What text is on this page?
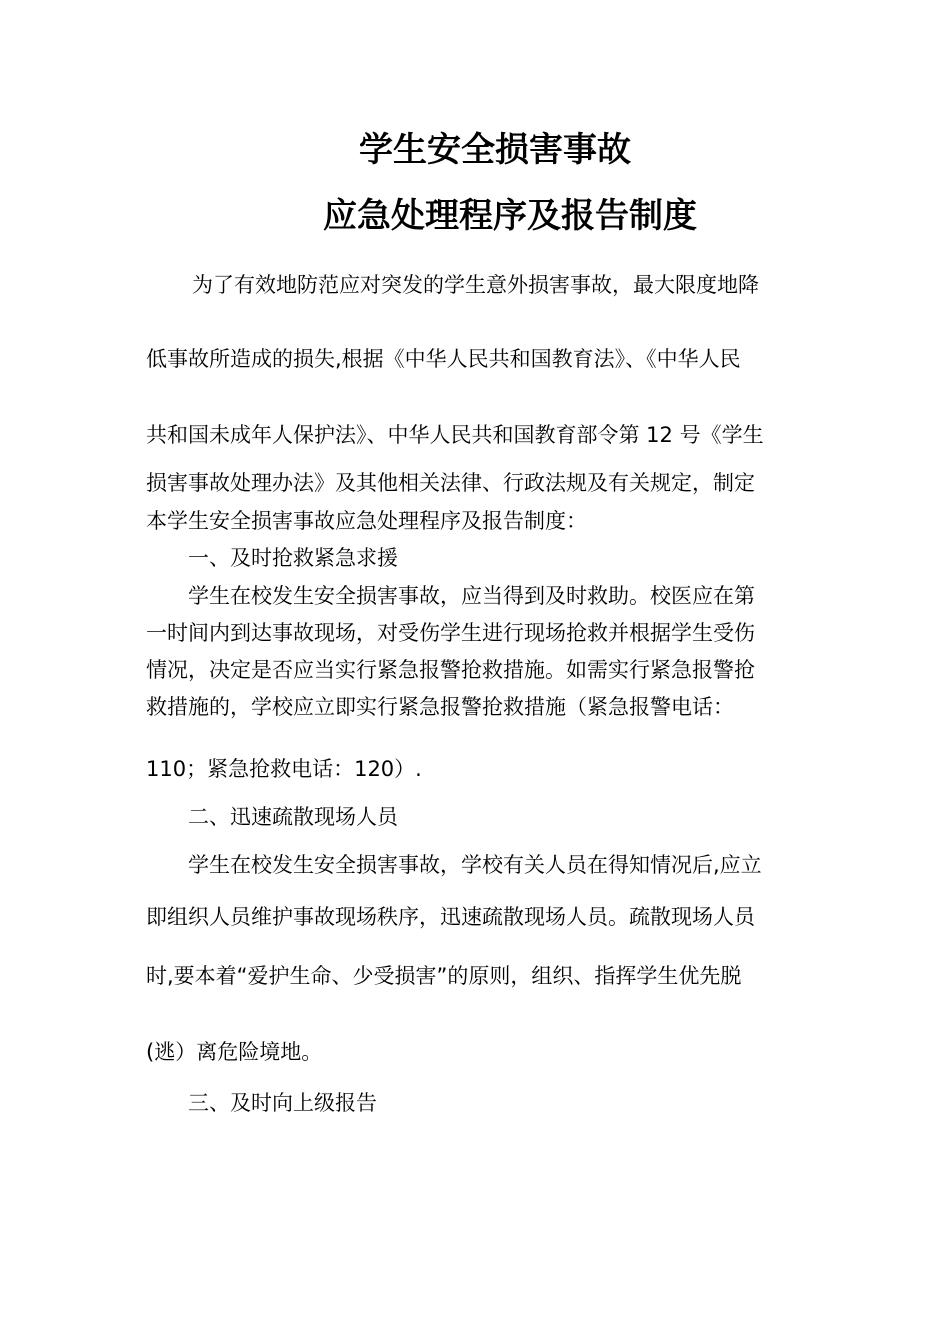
学生安全损害事故
应急处理程序及报告制度
为了有效地防范应对突发的学生意外损害事故，最大限度地降
低事故所造成的损失,根据《中华人民共和国教育法》、《中华人民
共和国未成年人保护法》、中华人民共和国教育部令第 12 号《学生
损害事故处理办法》及其他相关法律、行政法规及有关规定，制定
本学生安全损害事故应急处理程序及报告制度：
一、及时抢救紧急求援
学生在校发生安全损害事故，应当得到及时救助。校医应在第
一时间内到达事故现场，对受伤学生进行现场抢救并根据学生受伤
情况，决定是否应当实行紧急报警抢救措施。如需实行紧急报警抢
救措施的，学校应立即实行紧急报警抢救措施（紧急报警电话：
110；紧急抢救电话：120）.
二、迅速疏散现场人员
学生在校发生安全损害事故，学校有关人员在得知情况后,应立
即组织人员维护事故现场秩序，迅速疏散现场人员。疏散现场人员
时,要本着“爱护生命、少受损害”的原则，组织、指挥学生优先脱
(逃）离危险境地。
三、及时向上级报告
